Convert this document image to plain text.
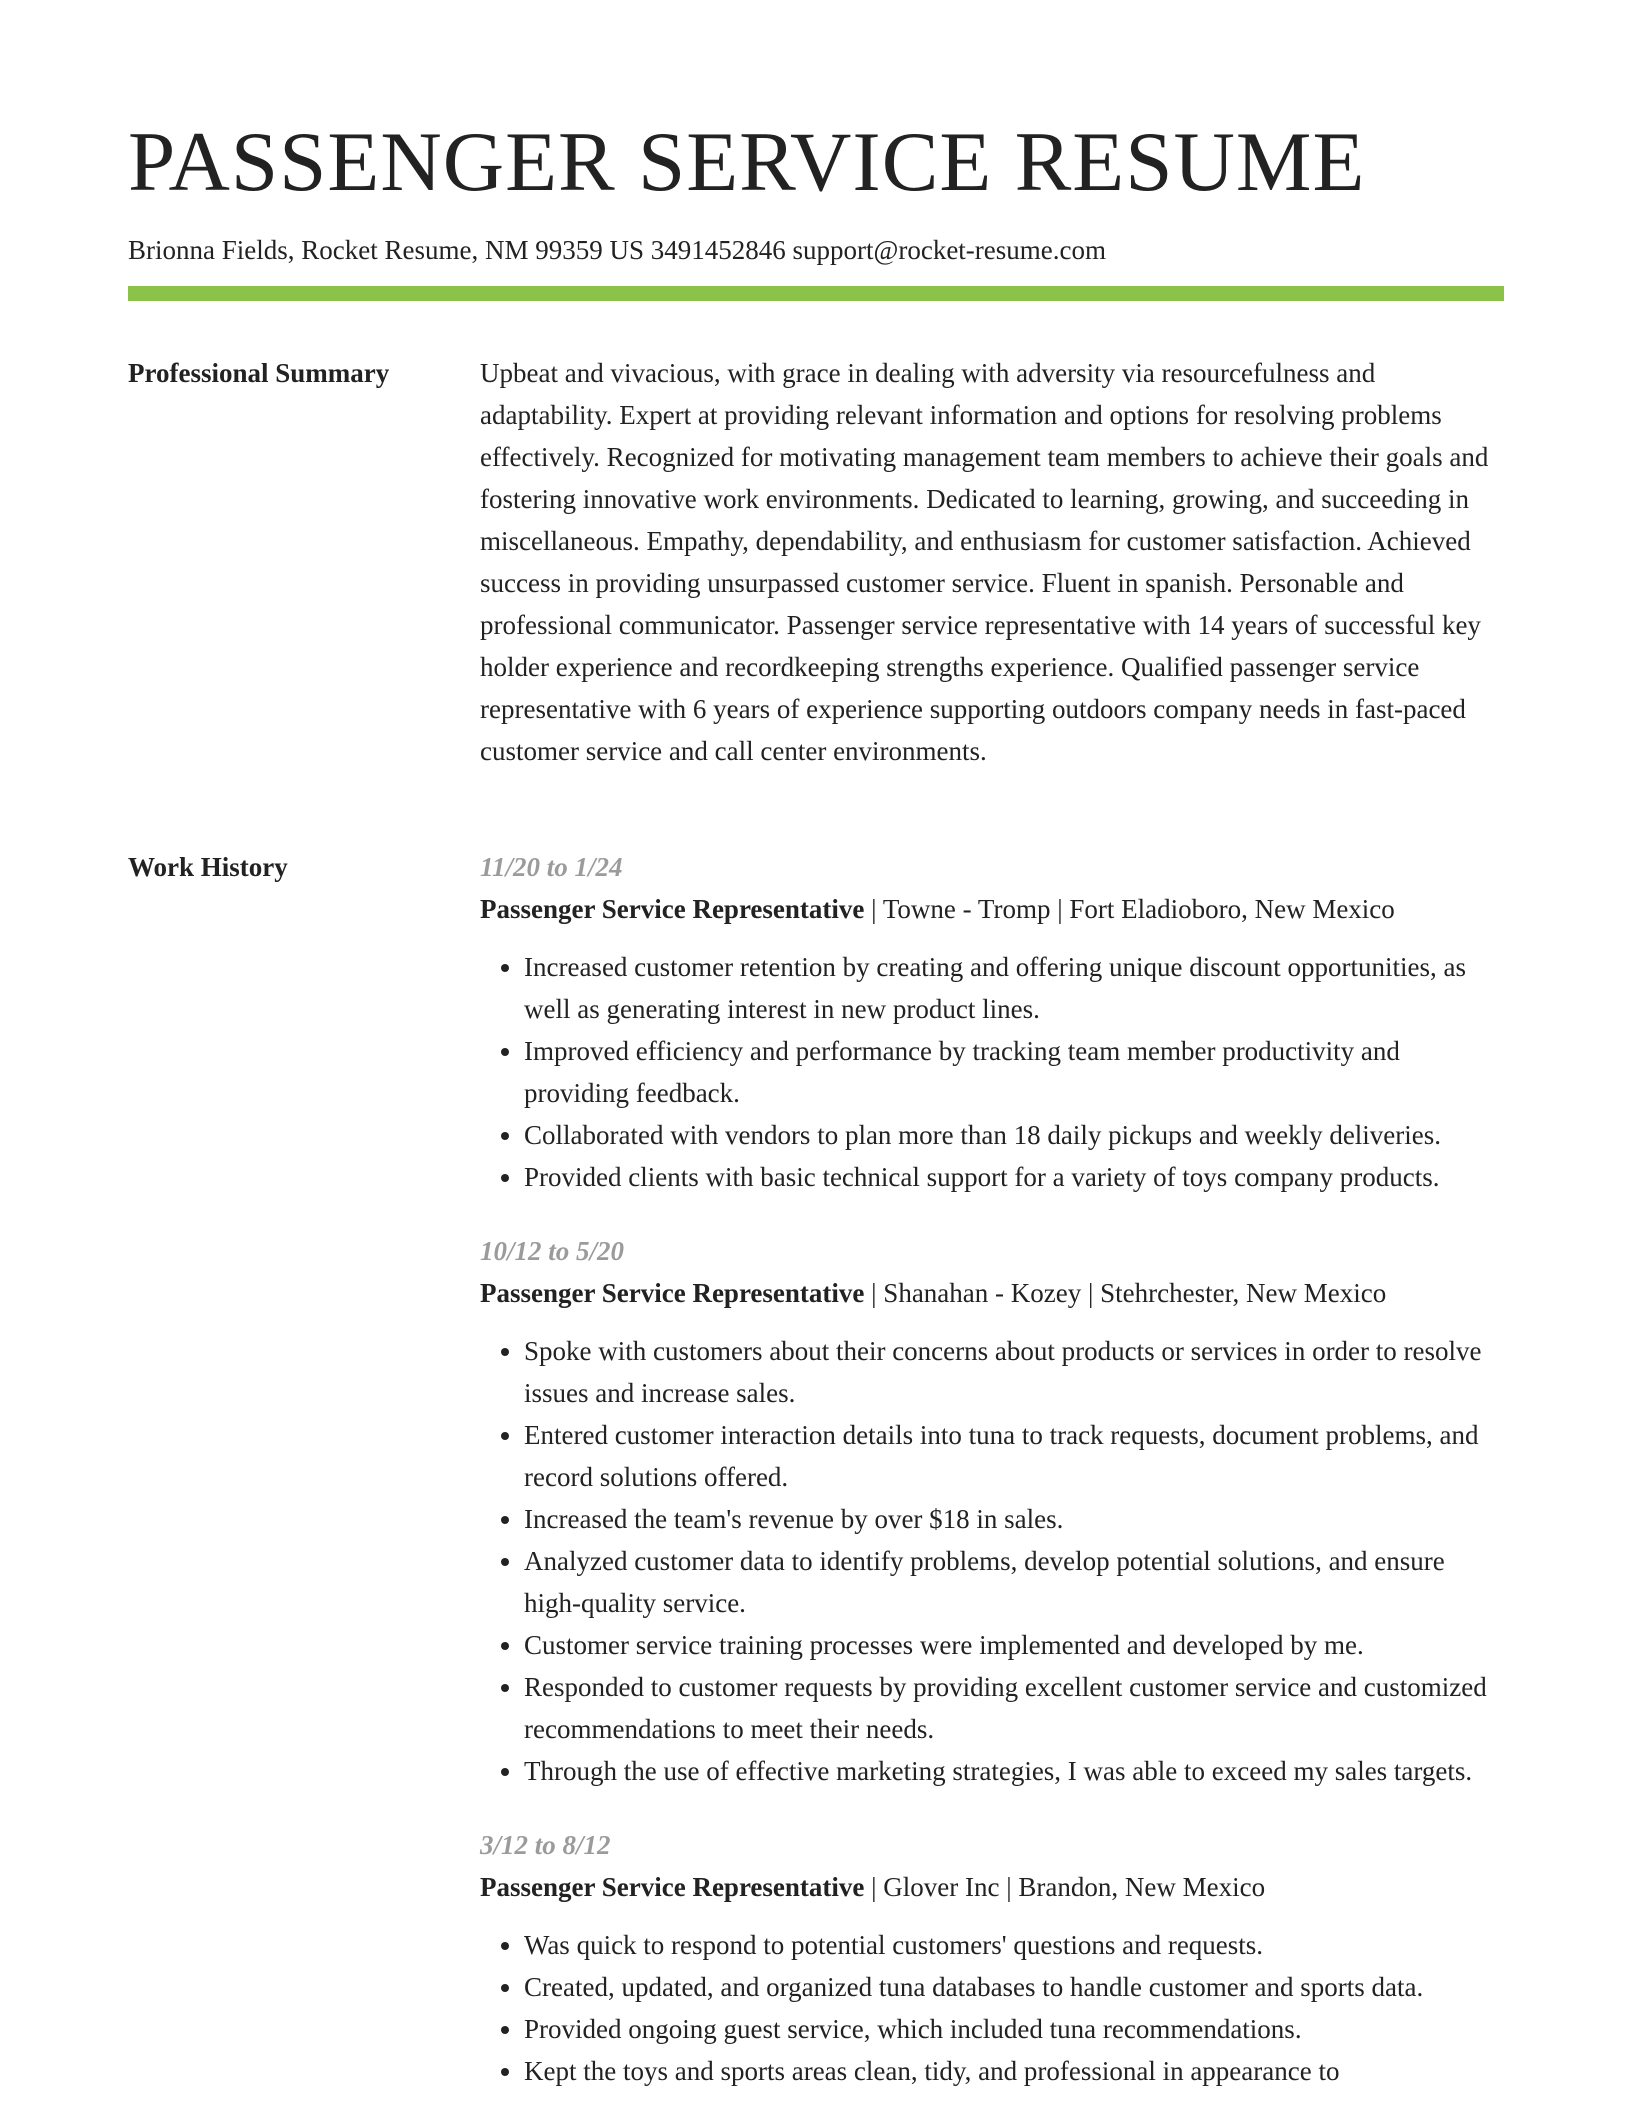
PASSENGER SERVICE RESUME
Brionna Fields, Rocket Resume, NM 99359 US 3491452846 support@rocket-resume.com
Professional Summary	Upbeat and vivacious, with grace in dealing with adversity via resourcefulness and adaptability. Expert at providing relevant information and options for resolving problems effectively. Recognized for motivating management team members to achieve their goals and fostering innovative work environments. Dedicated to learning, growing, and succeeding in miscellaneous. Empathy, dependability, and enthusiasm for customer satisfaction. Achieved success in providing unsurpassed customer service. Fluent in spanish. Personable and professional communicator. Passenger service representative with 14 years of successful key holder experience and recordkeeping strengths experience. Qualified passenger service representative with 6 years of experience supporting outdoors company needs in fast-paced customer service and call center environments.

Work History	11/20 to 1/24
Passenger Service Representative | Towne - Tromp | Fort Eladioboro, New Mexico
• Increased customer retention by creating and offering unique discount opportunities, as well as generating interest in new product lines.
• Improved efficiency and performance by tracking team member productivity and providing feedback.
• Collaborated with vendors to plan more than 18 daily pickups and weekly deliveries.
• Provided clients with basic technical support for a variety of toys company products.
10/12 to 5/20
Passenger Service Representative | Shanahan - Kozey | Stehrchester, New Mexico
• Spoke with customers about their concerns about products or services in order to resolve issues and increase sales.
• Entered customer interaction details into tuna to track requests, document problems, and record solutions offered.
• Increased the team's revenue by over $18 in sales.
• Analyzed customer data to identify problems, develop potential solutions, and ensure high-quality service.
• Customer service training processes were implemented and developed by me.
• Responded to customer requests by providing excellent customer service and customized recommendations to meet their needs.
• Through the use of effective marketing strategies, I was able to exceed my sales targets.
3/12 to 8/12
Passenger Service Representative | Glover Inc | Brandon, New Mexico
• Was quick to respond to potential customers' questions and requests.
• Created, updated, and organized tuna databases to handle customer and sports data.
• Provided ongoing guest service, which included tuna recommendations.
• Kept the toys and sports areas clean, tidy, and professional in appearance to
